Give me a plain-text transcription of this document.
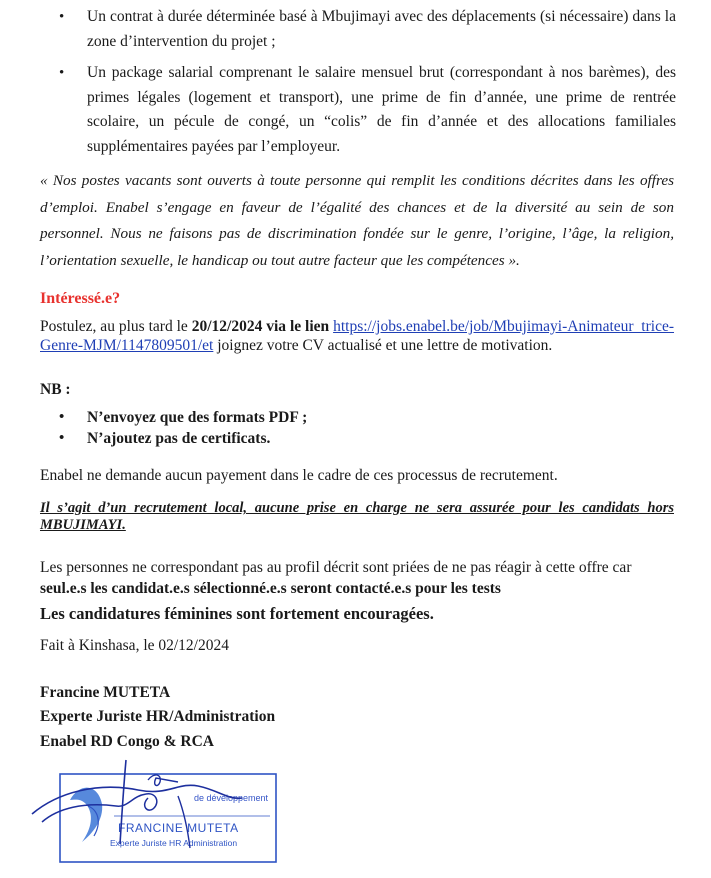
• Un contrat à durée déterminée basé à Mbujimayi avec des déplacements (si nécessaire) dans la zone d’intervention du projet ;
• Un package salarial comprenant le salaire mensuel brut (correspondant à nos barèmes), des primes légales (logement et transport), une prime de fin d’année, une prime de rentrée scolaire, un pécule de congé, un “colis” de fin d’année et des allocations familiales supplémentaires payées par l’employeur.

« Nos postes vacants sont ouverts à toute personne qui remplit les conditions décrites dans les offres d’emploi. Enabel s’engage en faveur de l’égalité des chances et de la diversité au sein de son personnel. Nous ne faisons pas de discrimination fondée sur le genre, l’origine, l’âge, la religion, l’orientation sexuelle, le handicap ou tout autre facteur que les compétences ».

Intéressé.e?

Postulez, au plus tard le 20/12/2024 via le lien https://jobs.enabel.be/job/Mbujimayi-Animateur_trice-Genre-MJM/1147809501/et joignez votre CV actualisé et une lettre de motivation.

NB :
• N’envoyez que des formats PDF ;
• N’ajoutez pas de certificats.
Enabel ne demande aucun payement dans le cadre de ces processus de recrutement.

Il s’agit d’un recrutement local, aucune prise en charge ne sera assurée pour les candidats hors MBUJIMAYI.

Les personnes ne correspondant pas au profil décrit sont priées de ne pas réagir à cette offre car seul.e.s les candidat.e.s sélectionné.e.s seront contacté.e.s pour les tests

Les candidatures féminines sont fortement encouragées.
Fait à Kinshasa, le 02/12/2024
Francine MUTETA
Experte Juriste HR/Administration
Enabel RD Congo & RCA
de développement
FRANCINE MUTETA
Experte Juriste HR Administration
